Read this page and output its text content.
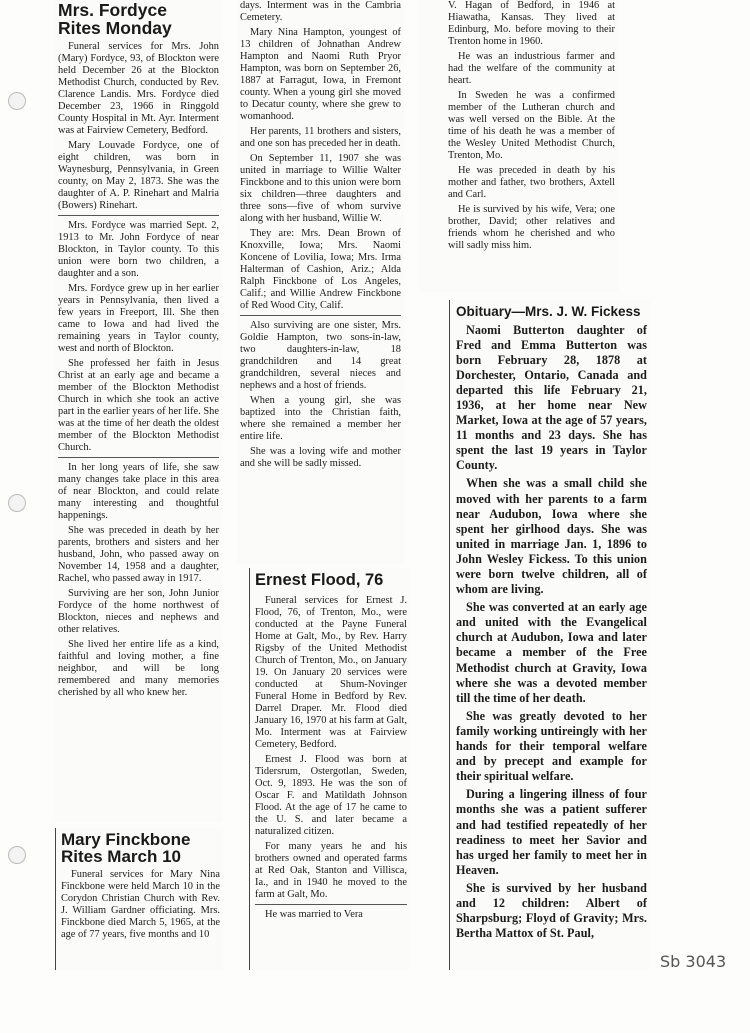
Mrs. Fordyce
Rites Monday

Funeral services for Mrs. John (Mary) Fordyce, 93, of Blockton were held December 26 at the Blockton Methodist Church, conducted by Rev. Clarence Landis. Mrs. Fordyce died December 23, 1966 in Ringgold County Hospital in Mt. Ayr. Interment was at Fairview Cemetery, Bedford.

Mary Louvade Fordyce, one of eight children, was born in Waynesburg, Pennsylvania, in Green county, on May 2, 1873. She was the daughter of A. P. Rinehart and Malria (Bowers) Rinehart.

Mrs. Fordyce was married Sept. 2, 1913 to Mr. John Fordyce of near Blockton, in Taylor county. To this union were born two children, a daughter and a son.

Mrs. Fordyce grew up in her earlier years in Pennsylvania, then lived a few years in Freeport, Ill. She then came to Iowa and had lived the remaining years in Taylor county, west and north of Blockton.

She professed her faith in Jesus Christ at an early age and became a member of the Blockton Methodist Church in which she took an active part in the earlier years of her life. She was at the time of her death the oldest member of the Blockton Methodist Church.

In her long years of life, she saw many changes take place in this area of near Blockton, and could relate many interesting and thoughtful happenings.

She was preceded in death by her parents, brothers and sisters and her husband, John, who passed away on November 14, 1958 and a daughter, Rachel, who passed away in 1917.

Surviving are her son, John Junior Fordyce of the home northwest of Blockton, nieces and nephews and other relatives.

She lived her entire life as a kind, faithful and loving mother, a fine neighbor, and will be long remembered and many memories cherished by all who knew her.

Mary Finckbone
Rites March 10

Funeral services for Mary Nina Finckbone were held March 10 in the Corydon Christian Church with Rev. J. William Gardner officiating. Mrs. Finckbone died March 5, 1965, at the age of 77 years, five months and 10

days. Interment was in the Cambria Cemetery.

Mary Nina Hampton, youngest of 13 children of Johnathan Andrew Hampton and Naomi Ruth Pryor Hampton, was born on September 26, 1887 at Farragut, Iowa, in Fremont county. When a young girl she moved to Decatur county, where she grew to womanhood.

Her parents, 11 brothers and sisters, and one son has preceded her in death.

On September 11, 1907 she was united in marriage to Willie Walter Finckbone and to this union were born six children—three daughters and three sons—five of whom survive along with her husband, Willie W.

They are: Mrs. Dean Brown of Knoxville, Iowa; Mrs. Naomi Koncene of Lovilia, Iowa; Mrs. Irma Halterman of Cashion, Ariz.; Alda Ralph Finckbone of Los Angeles, Calif.; and Willie Andrew Finckbone of Red Wood City, Calif.

Also surviving are one sister, Mrs. Goldie Hampton, two sons-in-law, two daughters-in-law, 18 grandchildren and 14 great grandchildren, several nieces and nephews and a host of friends.

When a young girl, she was baptized into the Christian faith, where she remained a member her entire life.

She was a loving wife and mother and she will be sadly missed.

Ernest Flood, 76

Funeral services for Ernest J. Flood, 76, of Trenton, Mo., were conducted at the Payne Funeral Home at Galt, Mo., by Rev. Harry Rigsby of the United Methodist Church of Trenton, Mo., on January 19. On January 20 services were conducted at Shum-Novinger Funeral Home in Bedford by Rev. Darrel Draper. Mr. Flood died January 16, 1970 at his farm at Galt, Mo. Interment was at Fairview Cemetery, Bedford.

Ernest J. Flood was born at Tidersrum, Ostergotlan, Sweden, Oct. 9, 1893. He was the son of Oscar F. and Matildath Johnson Flood. At the age of 17 he came to the U. S. and later became a naturalized citizen.

For many years he and his brothers owned and operated farms at Red Oak, Stanton and Villisca, Ia., and in 1940 he moved to the farm at Galt, Mo.

He was married to Vera

V. Hagan of Bedford, in 1946 at Hiawatha, Kansas. They lived at Edinburg, Mo. before moving to their Trenton home in 1960.

He was an industrious farmer and had the welfare of the community at heart.

In Sweden he was a confirmed member of the Lutheran church and was well versed on the Bible. At the time of his death he was a member of the Wesley United Methodist Church, Trenton, Mo.

He was preceded in death by his mother and father, two brothers, Axtell and Carl.

He is survived by his wife, Vera; one brother, David; other relatives and friends whom he cherished and who will sadly miss him.

Obituary—Mrs. J. W. Fickess

Naomi Butterton daughter of Fred and Emma Butterton was born February 28, 1878 at Dorchester, Ontario, Canada and departed this life February 21, 1936, at her home near New Market, Iowa at the age of 57 years, 11 months and 23 days. She has spent the last 19 years in Taylor County.

When she was a small child she moved with her parents to a farm near Audubon, Iowa where she spent her girlhood days. She was united in marriage Jan. 1, 1896 to John Wesley Fickess. To this union were born twelve children, all of whom are living.

She was converted at an early age and united with the Evangelical church at Audubon, Iowa and later became a member of the Free Methodist church at Gravity, Iowa where she was a devoted member till the time of her death.

She was greatly devoted to her family working untireingly with her hands for their temporal welfare and by precept and example for their spiritual welfare.

During a lingering illness of four months she was a patient sufferer and had testified repeatedly of her readiness to meet her Savior and has urged her family to meet her in Heaven.

She is survived by her husband and 12 children: Albert of Sharpsburg; Floyd of Gravity; Mrs. Bertha Mattox of St. Paul,

Sb 3043
